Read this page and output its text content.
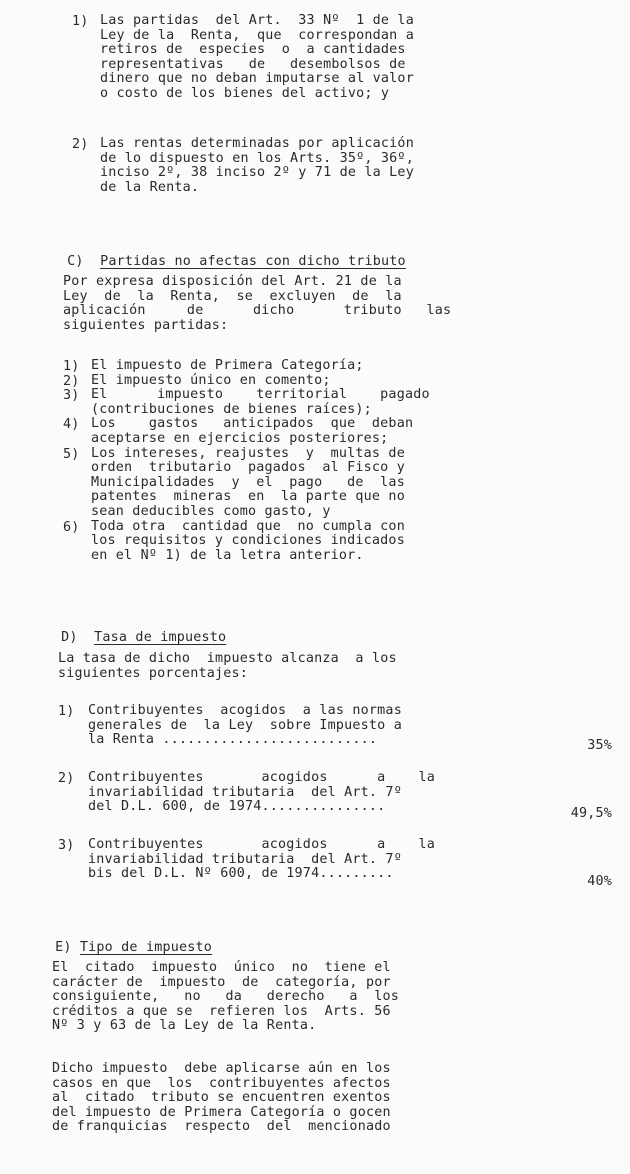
1) Las partidas  del Art.  33 Nº  1 de la
Ley de la  Renta,  que  correspondan a
retiros de  especies  o  a cantidades
representativas   de   desembolsos de
dinero que no deban imputarse al valor
o costo de los bienes del activo; y
2) Las rentas determinadas por aplicación
de lo dispuesto en los Arts. 35º, 36º,
inciso 2º, 38 inciso 2º y 71 de la Ley
de la Renta.

C) Partidas no afectas con dicho tributo

Por expresa disposición del Art. 21 de la
Ley  de  la  Renta,  se  excluyen  de  la
aplicación     de      dicho      tributo   las
siguientes partidas:
1) El impuesto de Primera Categoría;
2) El impuesto único en comento;
3) El      impuesto    territorial    pagado
(contribuciones de bienes raíces);
4) Los    gastos   anticipados  que  deban
aceptarse en ejercicios posteriores;
5) Los intereses, reajustes  y  multas de
orden  tributario  pagados  al Fisco y
Municipalidades  y  el  pago   de  las
patentes  mineras  en  la parte que no
sean deducibles como gasto, y
6) Toda otra  cantidad que  no cumpla con
los requisitos y condiciones indicados
en el Nº 1) de la letra anterior.

D) Tasa de impuesto

La tasa de dicho  impuesto alcanza  a los
siguientes porcentajes:
1) Contribuyentes  acogidos  a las normas
generales de  la Ley  sobre Impuesto a
la Renta ..........................	35%
2) Contribuyentes       acogidos      a    la
invariabilidad tributaria  del Art. 7º
del D.L. 600, de 1974...............	49,5%
3) Contribuyentes       acogidos      a    la
invariabilidad tributaria  del Art. 7º
bis del D.L. Nº 600, de 1974.........
40%

E) Tipo de impuesto

El  citado  impuesto  único  no  tiene el
carácter de  impuesto  de  categoría, por
consiguiente,   no   da   derecho   a  los
créditos a que se  refieren los  Arts. 56
Nº 3 y 63 de la Ley de la Renta.
Dicho impuesto  debe aplicarse aún en los
casos en que  los  contribuyentes afectos
al  citado  tributo se encuentren exentos
del impuesto de Primera Categoría o gocen
de franquicias  respecto  del  mencionado
